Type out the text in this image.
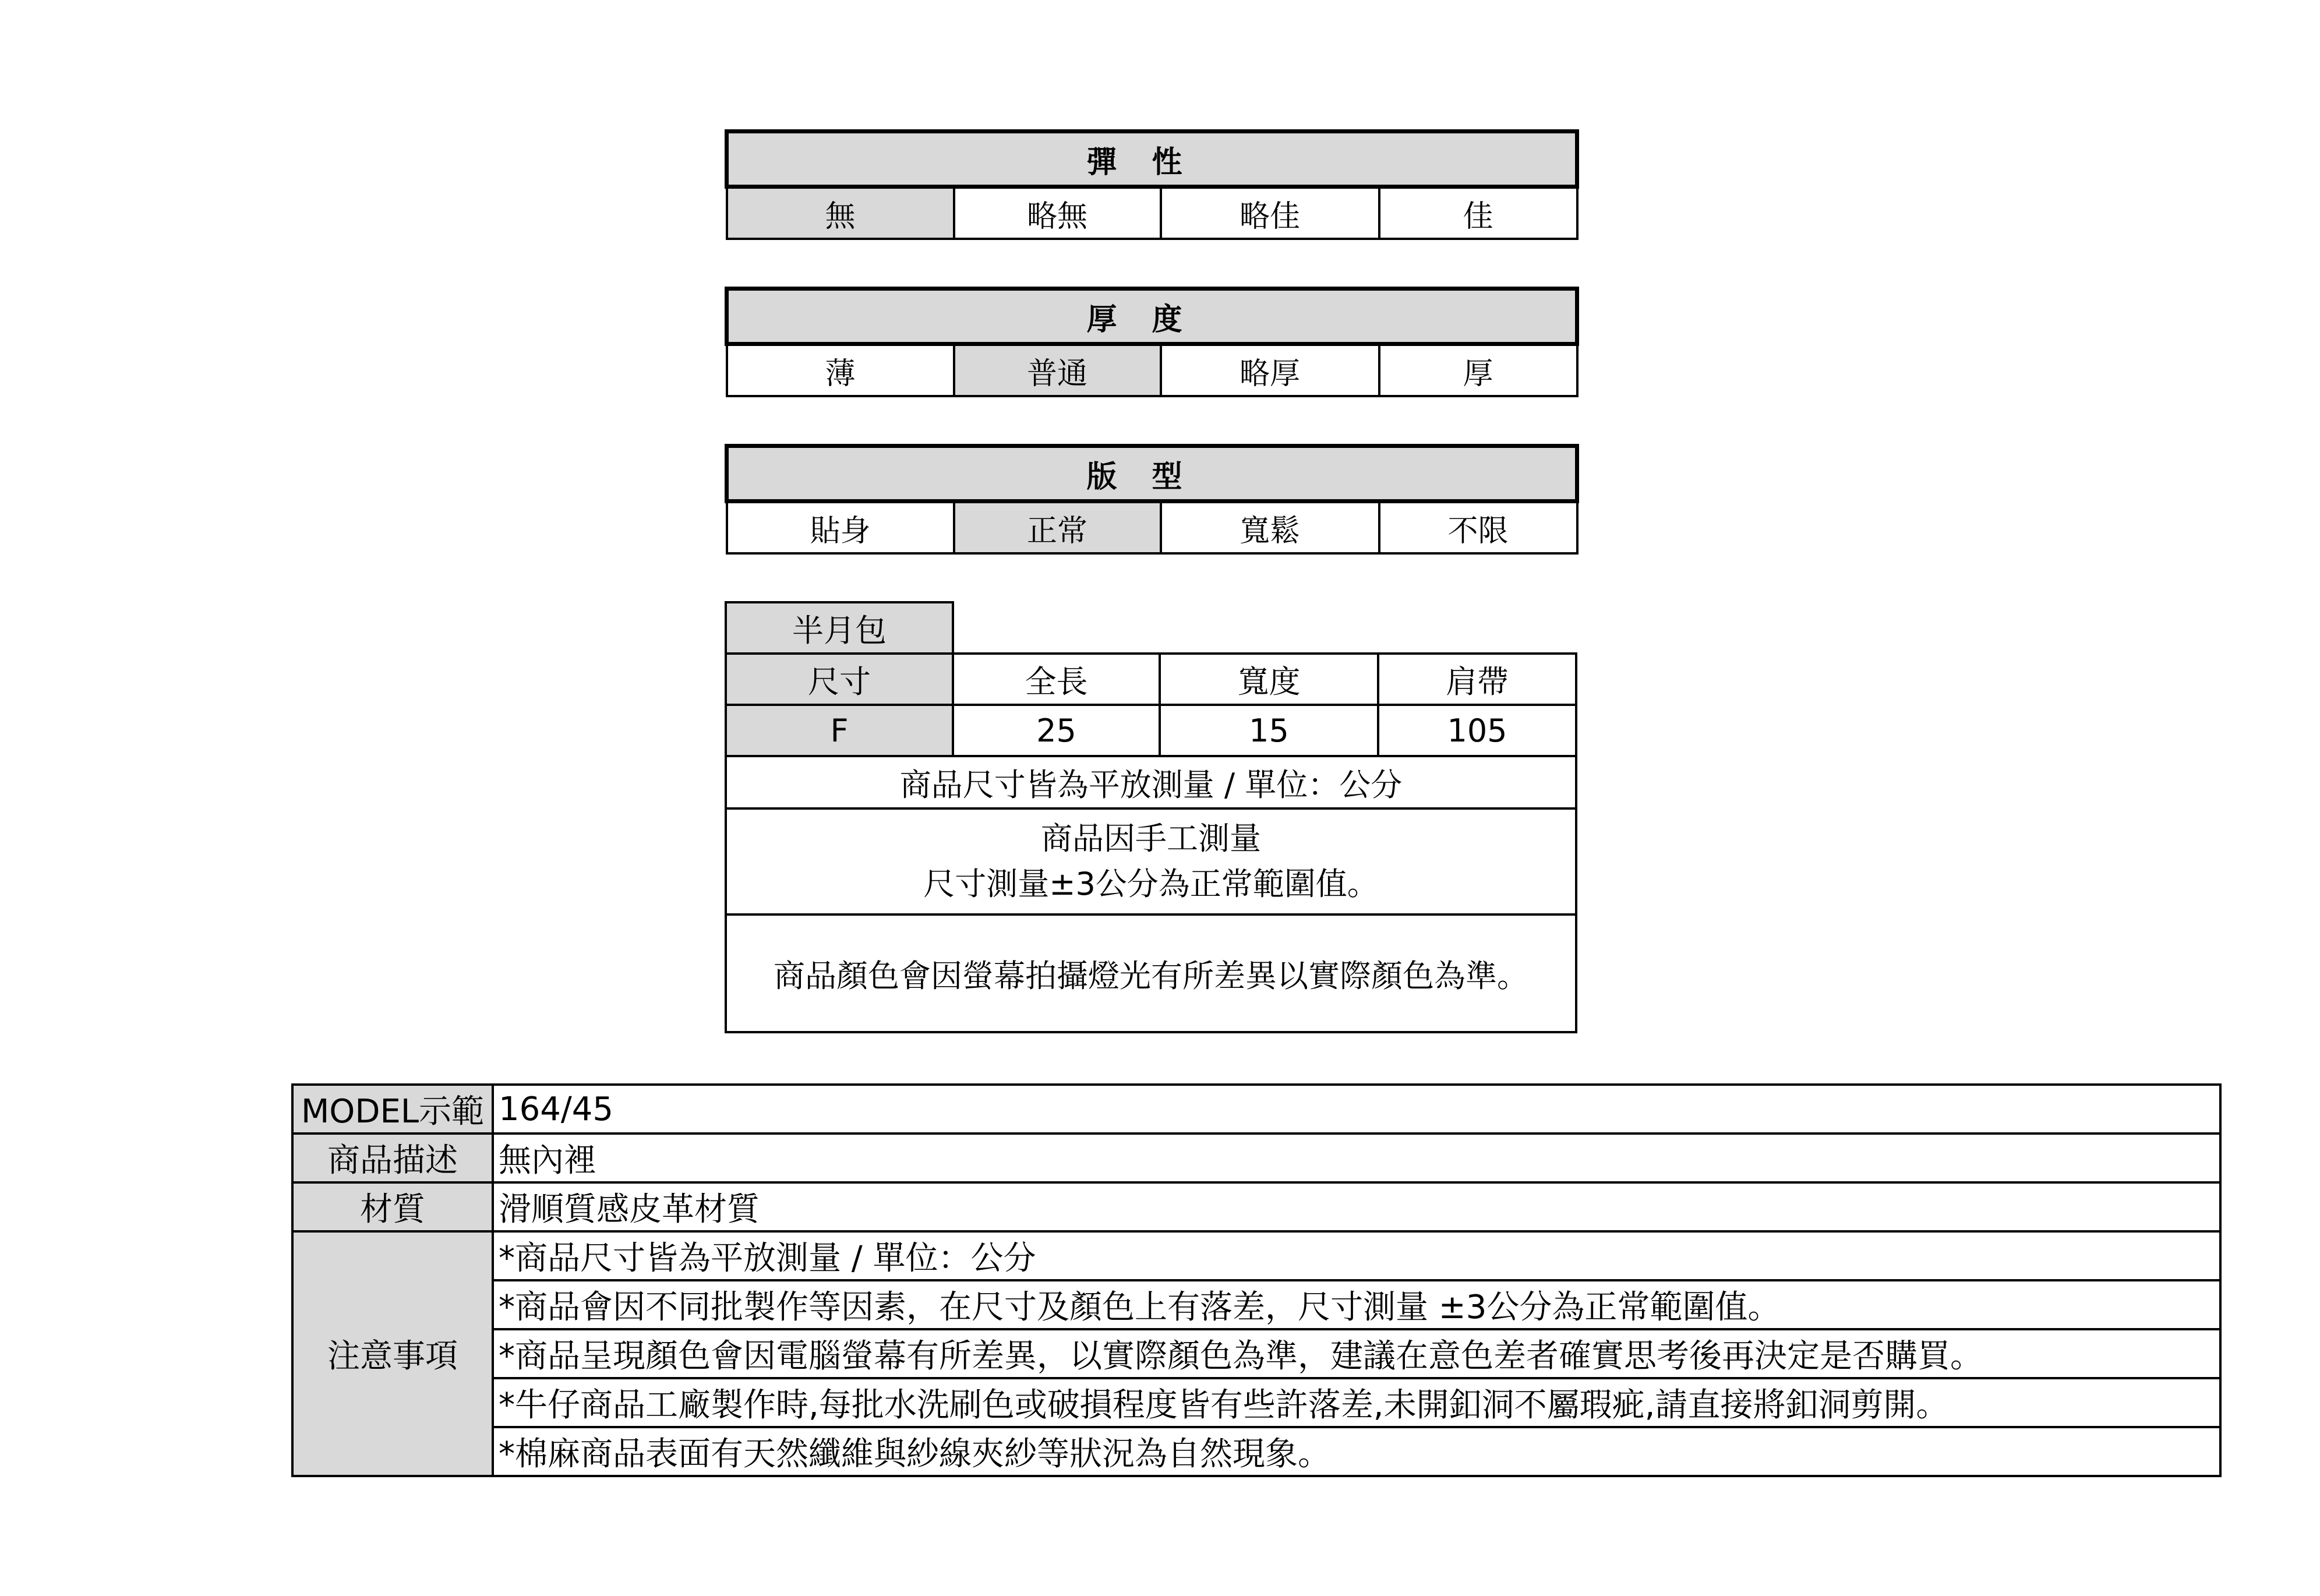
彈性
無	略無	略佳	佳
厚度
薄	普通	略厚	厚
版型
貼身	正常	寬鬆	不限
半月包			
尺寸	全長	寬度	肩帶
F	25	15	105
商品尺寸皆為平放測量 / 單位：公分			

商品因手工測量
尺寸測量±3公分為正常範圍值。			

商品顏色會因螢幕拍攝燈光有所差異以實際顏色為準。			
MODEL示範	164/45
商品描述	無內裡
材質	滑順質感皮革材質
注意事項	*商品尺寸皆為平放測量 / 單位：公分
	*商品會因不同批製作等因素，在尺寸及顏色上有落差，尺寸測量 ±3公分為正常範圍值。
	*商品呈現顏色會因電腦螢幕有所差異，以實際顏色為準，建議在意色差者確實思考後再決定是否購買。
	*牛仔商品工廠製作時,每批水洗刷色或破損程度皆有些許落差,未開釦洞不屬瑕疵,請直接將釦洞剪開。
	*棉麻商品表面有天然纖維與紗線夾紗等狀況為自然現象。
